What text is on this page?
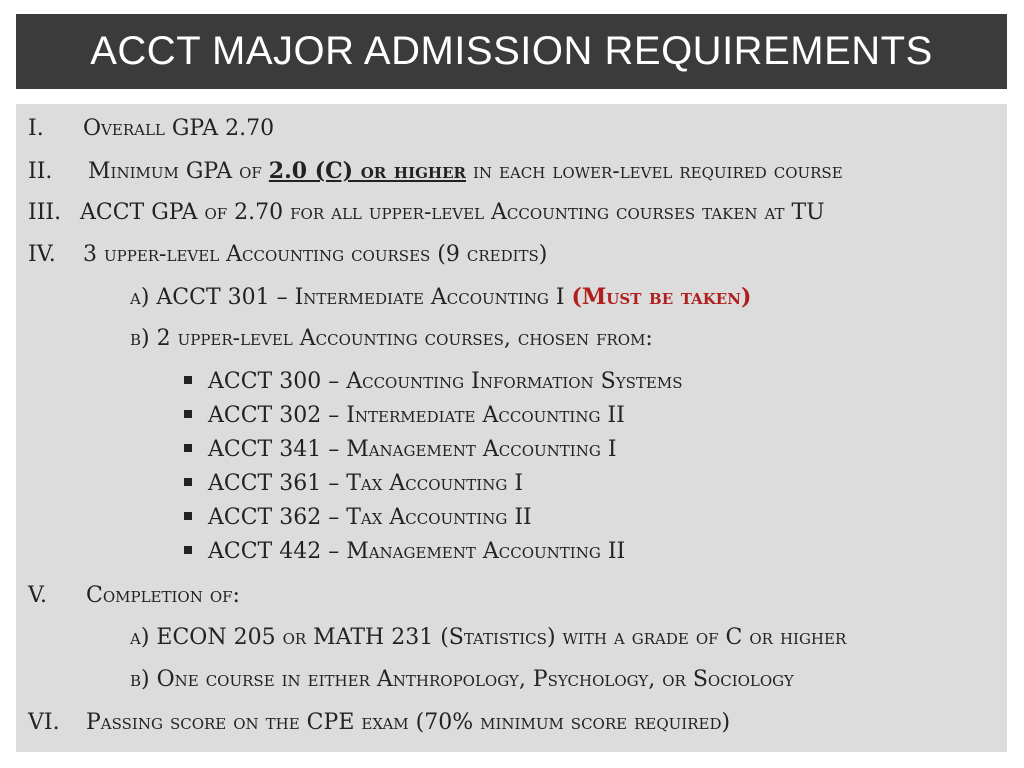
ACCT MAJOR ADMISSION REQUIREMENTS
I. Overall GPA 2.70
II. Minimum GPA of 2.0 (C) or higher in each lower-level required course
III. ACCT GPA of 2.70 for all upper-level Accounting courses taken at TU
IV. 3 upper-level Accounting courses (9 credits)
a) ACCT 301 – Intermediate Accounting I (Must be taken)
b) 2 upper-level Accounting courses, chosen from:
ACCT 300 – Accounting Information Systems
ACCT 302 – Intermediate Accounting II
ACCT 341 – Management Accounting I
ACCT 361 – Tax Accounting I
ACCT 362 – Tax Accounting II
ACCT 442 – Management Accounting II
V. Completion of:
a) ECON 205 or MATH 231 (Statistics) with a grade of C or higher
b) One course in either Anthropology, Psychology, or Sociology
VI. Passing score on the CPE exam (70% minimum score required)
